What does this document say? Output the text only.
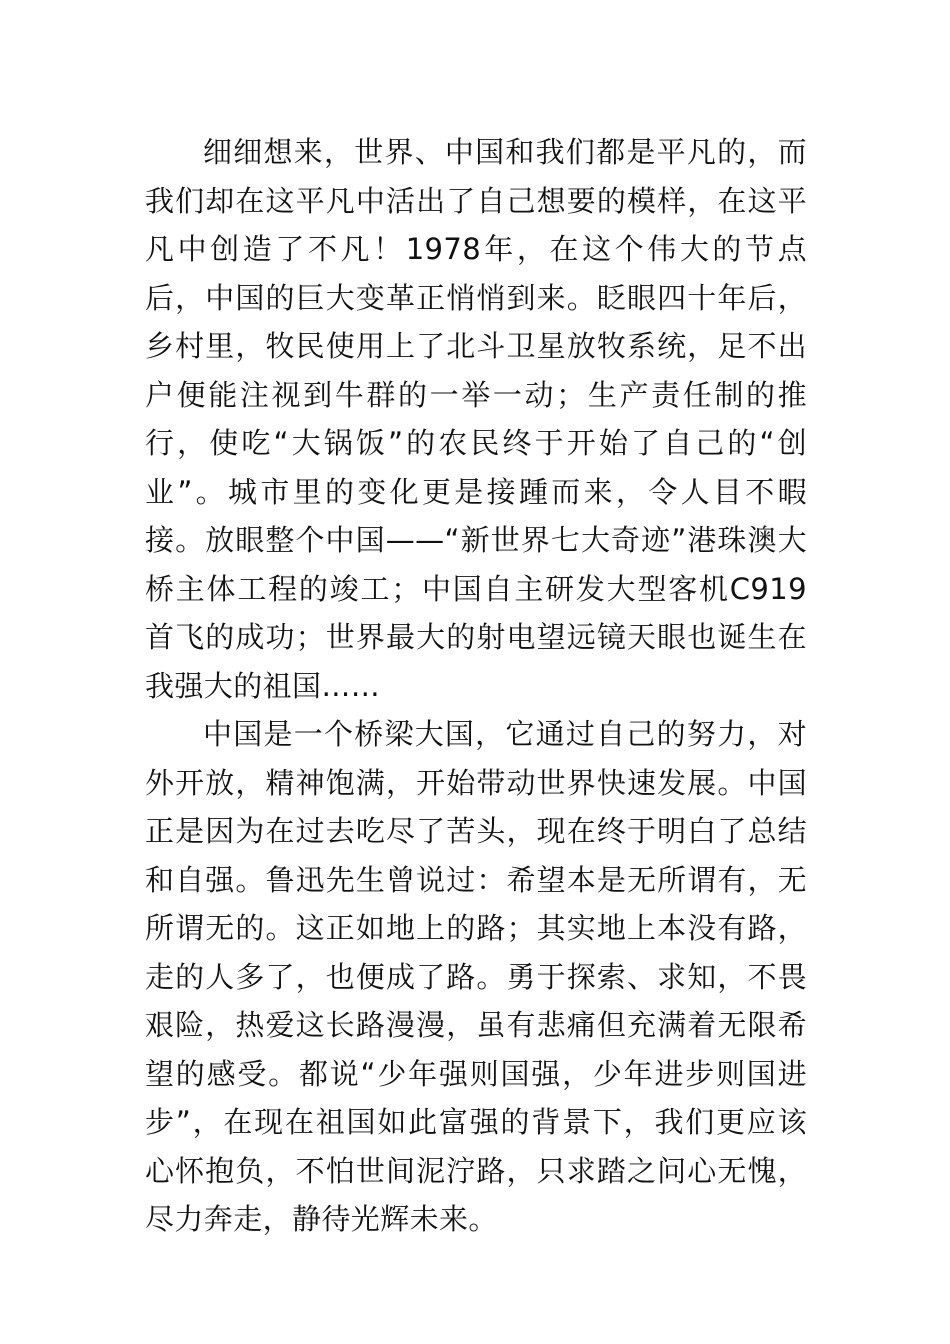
细细想来，世界、中国和我们都是平凡的，而我们却在这平凡中活出了自己想要的模样，在这平凡中创造了不凡！1978年，在这个伟大的节点后，中国的巨大变革正悄悄到来。眨眼四十年后，乡村里，牧民使用上了北斗卫星放牧系统，足不出户便能注视到牛群的一举一动；生产责任制的推行，使吃“大锅饭”的农民终于开始了自己的“创业”。城市里的变化更是接踵而来，令人目不暇接。放眼整个中国——“新世界七大奇迹”港珠澳大桥主体工程的竣工；中国自主研发大型客机C919首飞的成功；世界最大的射电望远镜天眼也诞生在我强大的祖国……

中国是一个桥梁大国，它通过自己的努力，对外开放，精神饱满，开始带动世界快速发展。中国正是因为在过去吃尽了苦头，现在终于明白了总结和自强。鲁迅先生曾说过：希望本是无所谓有，无所谓无的。这正如地上的路；其实地上本没有路，走的人多了，也便成了路。勇于探索、求知，不畏艰险，热爱这长路漫漫，虽有悲痛但充满着无限希望的感受。都说“少年强则国强，少年进步则国进步”，在现在祖国如此富强的背景下，我们更应该心怀抱负，不怕世间泥泞路，只求踏之问心无愧，尽力奔走，静待光辉未来。
